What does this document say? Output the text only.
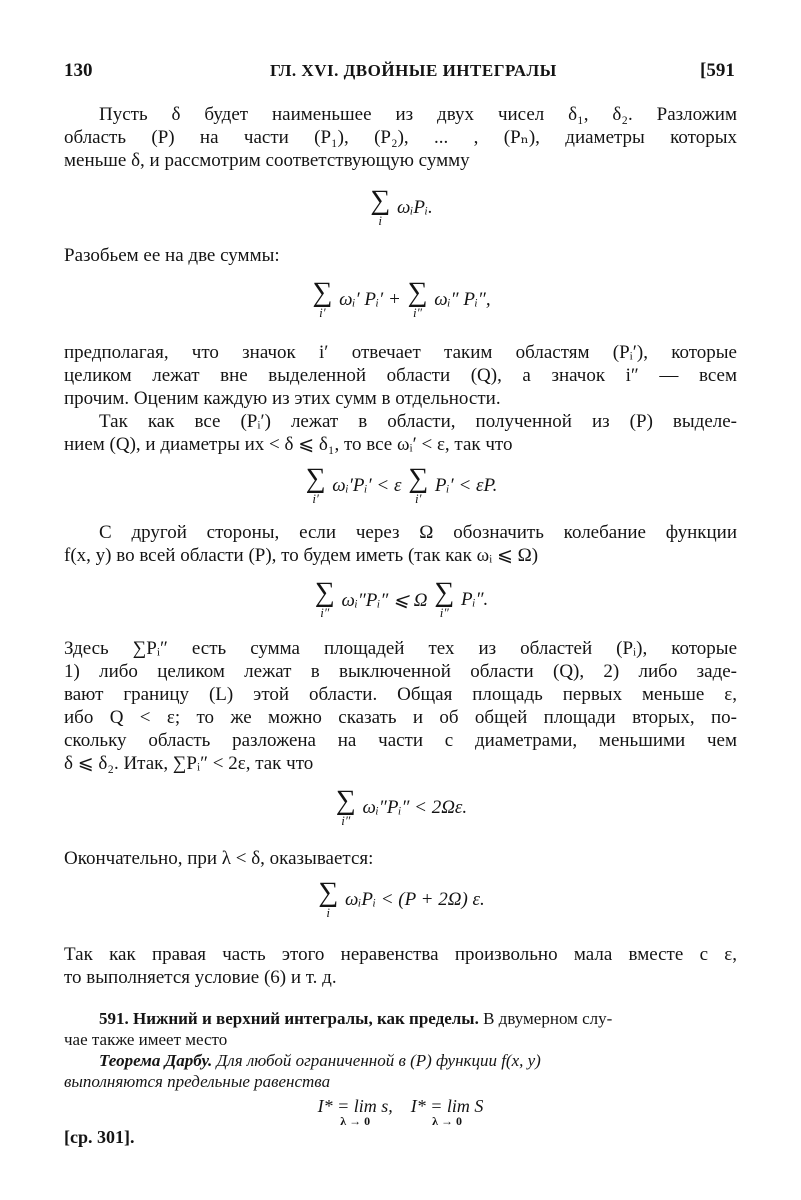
130	ГЛ. XVI. ДВОЙНЫЕ ИНТЕГРАЛЫ	[591
Пусть δ будет наименьшее из двух чисел δ₁, δ₂. Разложим
область (P) на части (P₁), (P₂), ... , (Pₙ), диаметры которых
меньше δ, и рассмотрим соответствующую сумму
∑
i
ωᵢPᵢ.
Разобьем ее на две суммы:
∑
i′
ωᵢ′ Pᵢ′ + ∑
i″
ωᵢ″ Pᵢ″,
предполагая, что значок i′ отвечает таким областям (Pᵢ′), которые
целиком лежат вне выделенной области (Q), а значок i″ — всем
прочим. Оценим каждую из этих сумм в отдельности.
Так как все (Pᵢ′) лежат в области, полученной из (P) выделе-
нием (Q), и диаметры их < δ ⩽ δ₁, то все ωᵢ′ < ε, так что
∑
i′
ωᵢ′Pᵢ′ < ε ∑
i′
Pᵢ′ < εP.
С другой стороны, если через Ω обозначить колебание функции
f(x, y) во всей области (P), то будем иметь (так как ωᵢ ⩽ Ω)
∑
i″
ωᵢ″Pᵢ″ ⩽ Ω ∑
i″
Pᵢ″.
Здесь ∑Pᵢ″ есть сумма площадей тех из областей (Pᵢ), которые
1) либо целиком лежат в выключенной области (Q), 2) либо заде-
вают границу (L) этой области. Общая площадь первых меньше ε,
ибо Q < ε; то же можно сказать и об общей площади вторых, по-
скольку область разложена на части с диаметрами, меньшими чем
δ ⩽ δ₂. Итак, ∑Pᵢ″ < 2ε, так что
∑
i″
ωᵢ″Pᵢ″ < 2Ωε.
Окончательно, при λ < δ, оказывается:
∑
i
ωᵢPᵢ < (P + 2Ω) ε.
Так как правая часть этого неравенства произвольно мала вместе с ε,
то выполняется условие (6) и т. д.
591. Нижний и верхний интегралы, как пределы. В двумерном слу-
чае также имеет место
Теорема Дарбу. Для любой ограниченной в (P) функции f(x, y)
выполняются предельные равенства
I* = lim s,
λ → 0
I* = lim S
λ → 0
[ср. 301].
